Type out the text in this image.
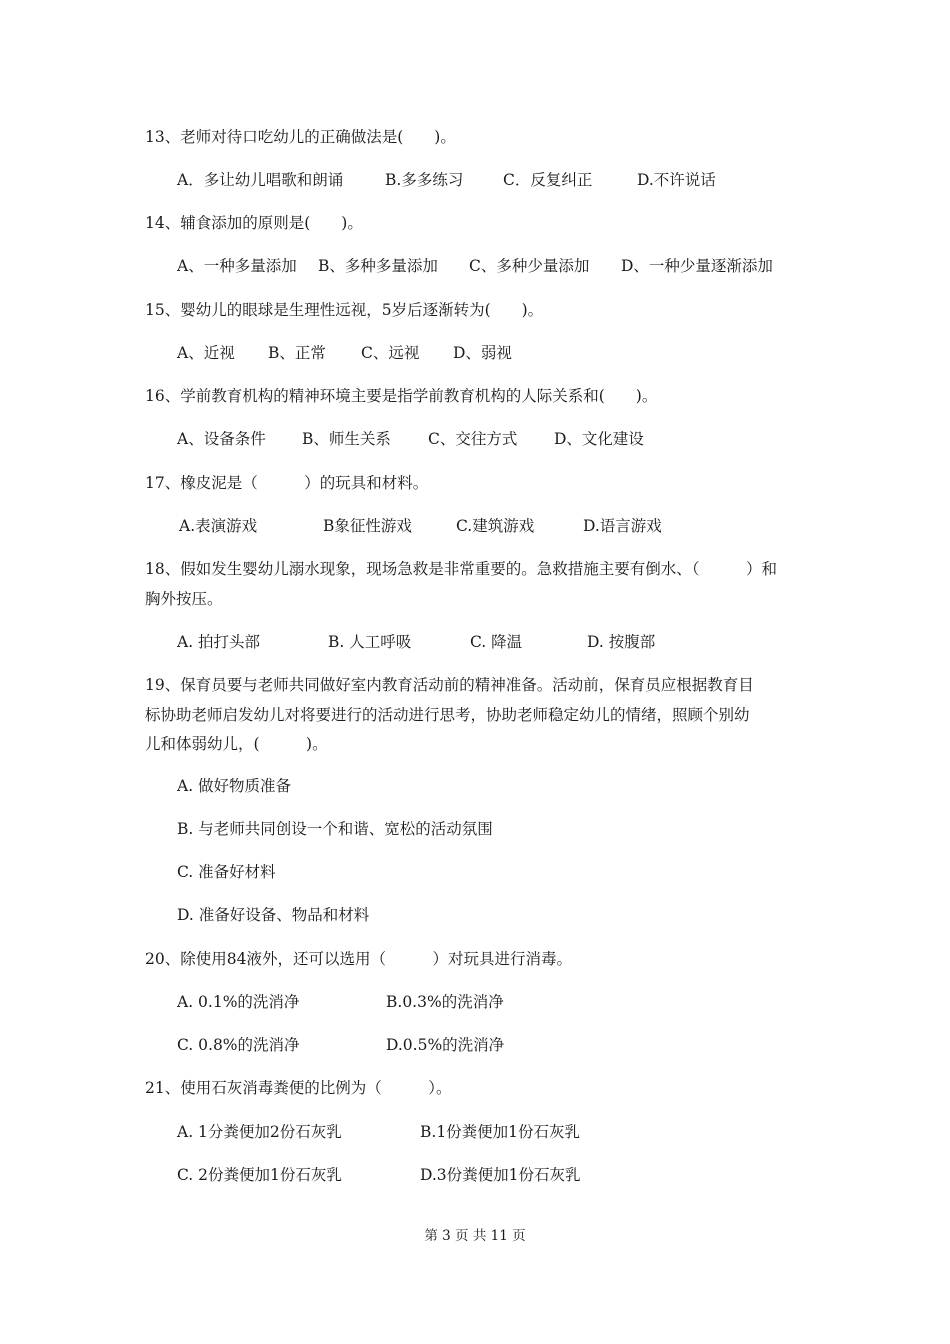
13、老师对待口吃幼儿的正确做法是(　　)。
A．多让幼儿唱歌和朗诵	B.多多练习	C．反复纠正	D.不许说话
14、辅食添加的原则是(　　)。
A、一种多量添加 B、多种多量添加 C、多种少量添加 D、一种少量逐渐添加
15、婴幼儿的眼球是生理性远视，5岁后逐渐转为(　　)。
A、近视 B、正常 C、远视 D、弱视
16、学前教育机构的精神环境主要是指学前教育机构的人际关系和(　　)。
A、设备条件 B、师生关系 C、交往方式 D、文化建设
17、橡皮泥是（　　　）的玩具和材料。
A.表演游戏	B象征性游戏	C.建筑游戏	D.语言游戏
18、假如发生婴幼儿溺水现象，现场急救是非常重要的。急救措施主要有倒水、（　　　）和
胸外按压。
A. 拍打头部	B. 人工呼吸	C. 降温	D. 按腹部
19、保育员要与老师共同做好室内教育活动前的精神准备。活动前，保育员应根据教育目
标协助老师启发幼儿对将要进行的活动进行思考，协助老师稳定幼儿的情绪，照顾个别幼
儿和体弱幼儿，(　　　)。
A. 做好物质准备
B. 与老师共同创设一个和谐、宽松的活动氛围
C. 准备好材料
D. 准备好设备、物品和材料
20、除使用84液外，还可以选用（　　　）对玩具进行消毒。
A. 0.1%的洗消净	B.0.3%的洗消净
C. 0.8%的洗消净	D.0.5%的洗消净
21、使用石灰消毒粪便的比例为（　　　）。
A. 1分粪便加2份石灰乳	B.1份粪便加1份石灰乳
C. 2份粪便加1份石灰乳	D.3份粪便加1份石灰乳
第 3 页 共 11 页
